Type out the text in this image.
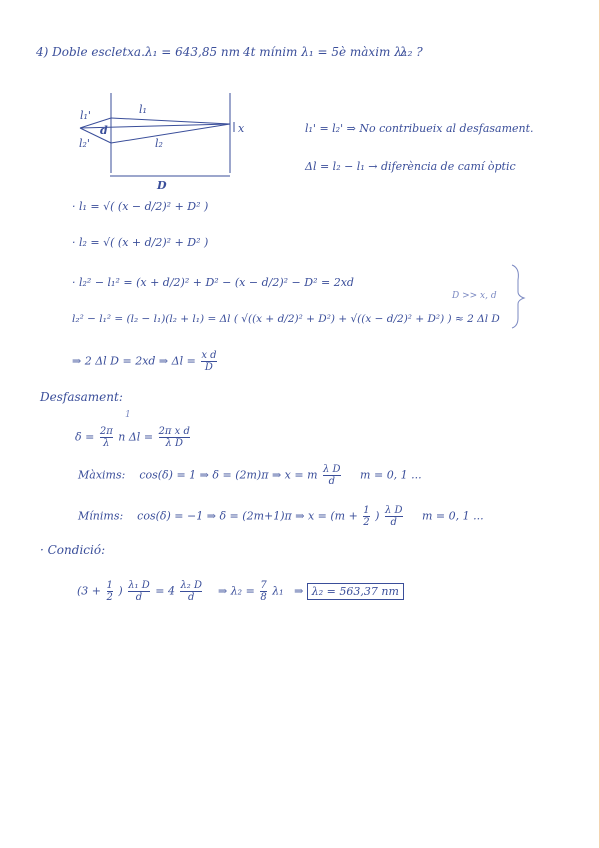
4) Doble escletxa. λ₁ = 643,85 nm 4t mínim λ₁ = 5è màxim λ₂
λ₂ ?
l₁'
l₂'
d
l₁
l₂
x
D
l₁' = l₂' ⇒ No contribueix al desfasament.
Δl = l₂ − l₁ → diferència de camí òptic
· l₁ = √( (x − d/2)² + D² )
· l₂ = √( (x + d/2)² + D² )
· l₂² − l₁² = (x + d/2)² + D² − (x − d/2)² − D² = 2xd
l₂² − l₁² = (l₂ − l₁)(l₂ + l₁) = Δl ( √((x + d/2)² + D²) + √((x − d/2)² + D²) ) ≈ 2 Δl D
D >> x, d
⇒ 2 Δl D = 2xd ⇒ $\Delta l = \frac{\text{x d}}{D}$
Desfasament:
$\delta = \frac{2\pi}{\lambda}$ n $\Delta l = \frac{\text{2π x d}}{\text{λ D}}$
1
Màxims: cos(δ) = 1 ⇒ δ = (2m)π ⇒ x = m $\frac{\text{λ D}}{d}$ m = 0, 1 ...
Mínims: cos(δ) = −1 ⇒ δ = (2m+1)π ⇒ $x = (m + \frac{1}{2}$ ) $\frac{\text{λ D}}{d}$ m = 0, 1 ...
· Condició:
($3 + \frac{1}{2}$ ) $\frac{\text{λ₁ D}}{d} = 4 \frac{\text{λ₂ D}}{d}$ ⇒ $\lambda_2 = \frac{7}{8} \lambda_1$ ⇒ λ₂ = 563,37 nm
